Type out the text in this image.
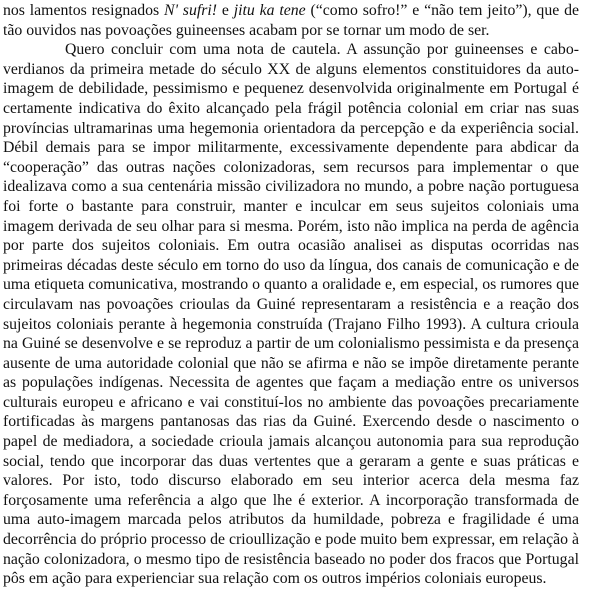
nos lamentos resignados N' sufri! e jitu ka tene (“como sofro!” e “não tem jeito”), que de
tão ouvidos nas povoações guineenses acabam por se tornar um modo de ser.
Quero concluir com uma nota de cautela. A assunção por guineenses e cabo-
verdianos da primeira metade do século XX de alguns elementos constituidores da auto-
imagem de debilidade, pessimismo e pequenez desenvolvida originalmente em Portugal é
certamente indicativa do êxito alcançado pela frágil potência colonial em criar nas suas
províncias ultramarinas uma hegemonia orientadora da percepção e da experiência social.
Débil demais para se impor militarmente, excessivamente dependente para abdicar da
“cooperação” das outras nações colonizadoras, sem recursos para implementar o que
idealizava como a sua centenária missão civilizadora no mundo, a pobre nação portuguesa
foi forte o bastante para construir, manter e inculcar em seus sujeitos coloniais uma
imagem derivada de seu olhar para si mesma. Porém, isto não implica na perda de agência
por parte dos sujeitos coloniais. Em outra ocasião analisei as disputas ocorridas nas
primeiras décadas deste século em torno do uso da língua, dos canais de comunicação e de
uma etiqueta comunicativa, mostrando o quanto a oralidade e, em especial, os rumores que
circulavam nas povoações crioulas da Guiné representaram a resistência e a reação dos
sujeitos coloniais perante à hegemonia construída (Trajano Filho 1993). A cultura crioula
na Guiné se desenvolve e se reproduz a partir de um colonialismo pessimista e da presença
ausente de uma autoridade colonial que não se afirma e não se impõe diretamente perante
as populações indígenas. Necessita de agentes que façam a mediação entre os universos
culturais europeu e africano e vai constituí-los no ambiente das povoações precariamente
fortificadas às margens pantanosas das rias da Guiné. Exercendo desde o nascimento o
papel de mediadora, a sociedade crioula jamais alcançou autonomia para sua reprodução
social, tendo que incorporar das duas vertentes que a geraram a gente e suas práticas e
valores. Por isto, todo discurso elaborado em seu interior acerca dela mesma faz
forçosamente uma referência a algo que lhe é exterior. A incorporação transformada de
uma auto-imagem marcada pelos atributos da humildade, pobreza e fragilidade é uma
decorrência do próprio processo de crioullização e pode muito bem expressar, em relação à
nação colonizadora, o mesmo tipo de resistência baseado no poder dos fracos que Portugal
pôs em ação para experienciar sua relação com os outros impérios coloniais europeus.
